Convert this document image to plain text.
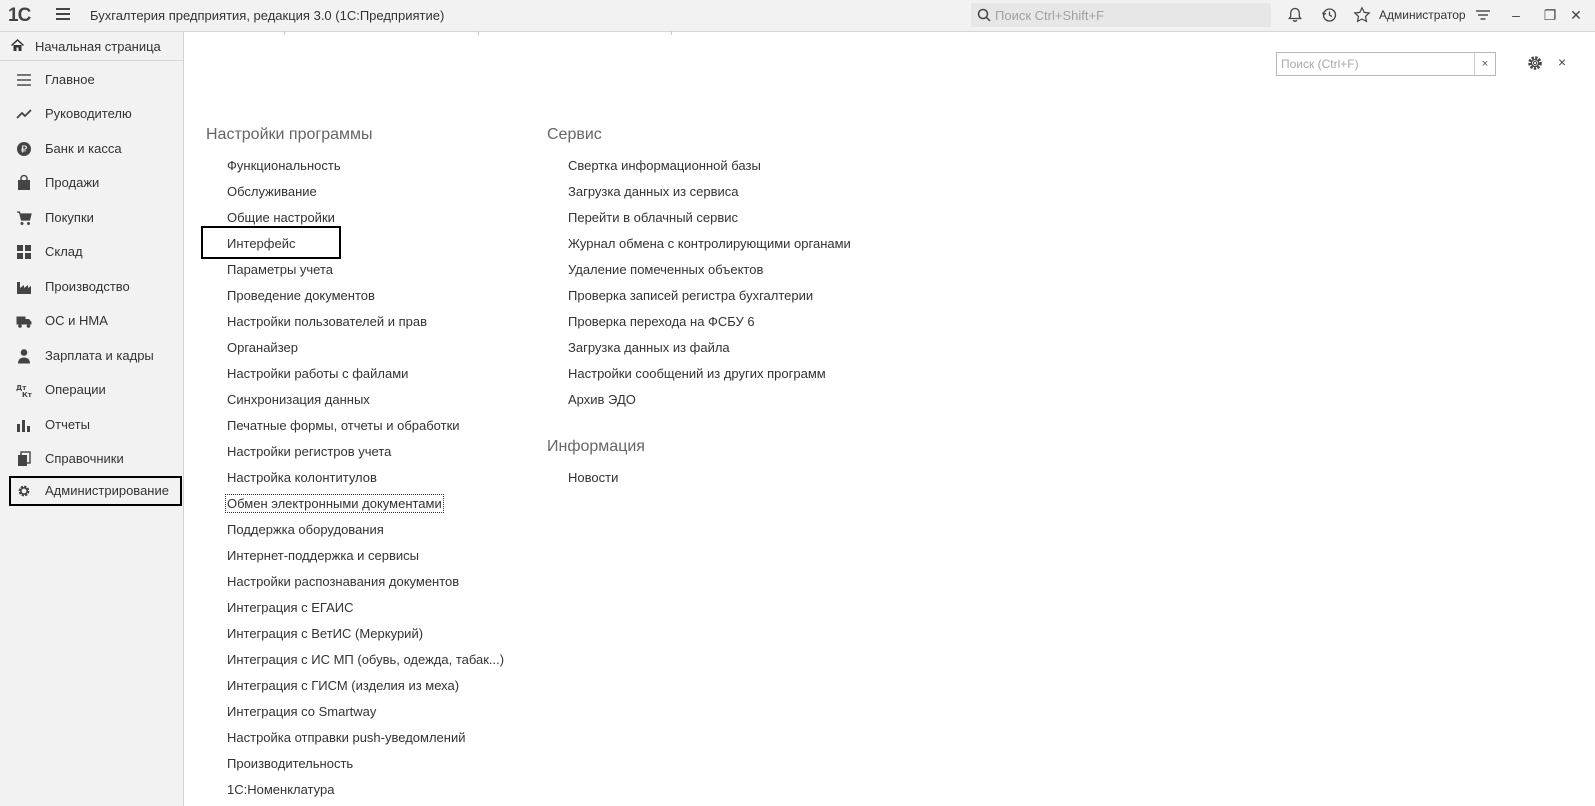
1С	Бухгалтерия предприятия, редакция 3.0 (1С:Предприятие)	Поиск Ctrl+Shift+F	Администратор	–	❐ ✕
Начальная страница
Главное
Руководителю
₽ Банк и касса
Продажи
Покупки
Склад
Производство
ОС и НМА
Зарплата и кадры
Дт
Кт Операции
Отчеты
Справочники
Администрирование
Поиск (Ctrl+F)	×	×
Настройки программы
Функциональность
Обслуживание
Общие настройки
Интерфейс
Параметры учета
Проведение документов
Настройки пользователей и прав
Органайзер
Настройки работы с файлами
Синхронизация данных
Печатные формы, отчеты и обработки
Настройки регистров учета
Настройка колонтитулов
Обмен электронными документами
Поддержка оборудования
Интернет-поддержка и сервисы
Настройки распознавания документов
Интеграция с ЕГАИС
Интеграция с ВетИС (Меркурий)
Интеграция с ИС МП (обувь, одежда, табак...)
Интеграция с ГИСМ (изделия из меха)
Интеграция со Smartway
Настройка отправки push-уведомлений
Производительность
1С:Номенклатура
Сервис
Свертка информационной базы
Загрузка данных из сервиса
Перейти в облачный сервис
Журнал обмена с контролирующими органами
Удаление помеченных объектов
Проверка записей регистра бухгалтерии
Проверка перехода на ФСБУ 6
Загрузка данных из файла
Настройки сообщений из других программ
Архив ЭДО
Информация
Новости
